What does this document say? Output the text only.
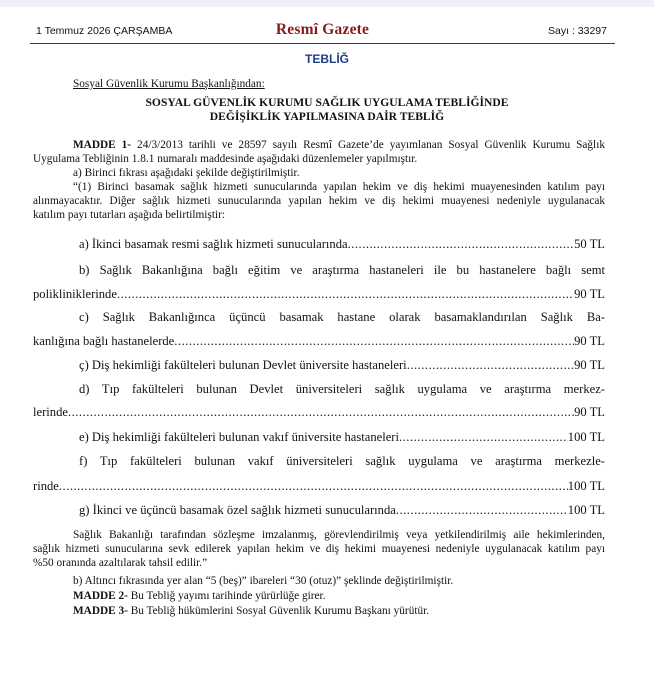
1 Temmuz 2026 ÇARŞAMBA	Resmî Gazete	Sayı : 33297
TEBLİĞ
Sosyal Güvenlik Kurumu Başkanlığından:
SOSYAL GÜVENLİK KURUMU SAĞLIK UYGULAMA TEBLİĞİNDE
DEĞİŞİKLİK YAPILMASINA DAİR TEBLİĞ
MADDE 1- 24/3/2013 tarihli ve 28597 sayılı Resmî Gazete’de yayımlanan Sosyal Güvenlik Kurumu Sağlık
Uygulama Tebliğinin 1.8.1 numaralı maddesinde aşağıdaki düzenlemeler yapılmıştır.
a) Birinci fıkrası aşağıdaki şekilde değiştirilmiştir.
“(1) Birinci basamak sağlık hizmeti sunucularında yapılan hekim ve diş hekimi muayenesinden katılım payı
alınmayacaktır. Diğer sağlık hizmeti sunucularında yapılan hekim ve diş hekimi muayenesi nedeniyle uygulanacak
katılım payı tutarları aşağıda belirtilmiştir:
a) İkinci basamak resmi sağlık hizmeti sunucularında .....	50 TL
b) Sağlık Bakanlığına bağlı eğitim ve araştırma hastaneleri ile bu hastanelere bağlı semt
polikliniklerinde .....	90 TL
c) Sağlık Bakanlığınca üçüncü basamak hastane olarak basamaklandırılan Sağlık Ba-
kanlığına bağlı hastanelerde .....	90 TL
ç) Diş hekimliği fakülteleri bulunan Devlet üniversite hastaneleri .....	90 TL
d) Tıp fakülteleri bulunan Devlet üniversiteleri sağlık uygulama ve araştırma merkez-
lerinde .....	90 TL
e) Diş hekimliği fakülteleri bulunan vakıf üniversite hastaneleri .....	100 TL
f) Tıp fakülteleri bulunan vakıf üniversiteleri sağlık uygulama ve araştırma merkezle-
rinde .....	100 TL
g) İkinci ve üçüncü basamak özel sağlık hizmeti sunucularında .....	100 TL
Sağlık Bakanlığı tarafından sözleşme imzalanmış, görevlendirilmiş veya yetkilendirilmiş aile hekimlerinden,
sağlık hizmeti sunucularına sevk edilerek yapılan hekim ve diş hekimi muayenesi nedeniyle uygulanacak katılım payı
%50 oranında azaltılarak tahsil edilir.”
b) Altıncı fıkrasında yer alan “5 (beş)” ibareleri “30 (otuz)” şeklinde değiştirilmiştir.
MADDE 2- Bu Tebliğ yayımı tarihinde yürürlüğe girer.
MADDE 3- Bu Tebliğ hükümlerini Sosyal Güvenlik Kurumu Başkanı yürütür.
